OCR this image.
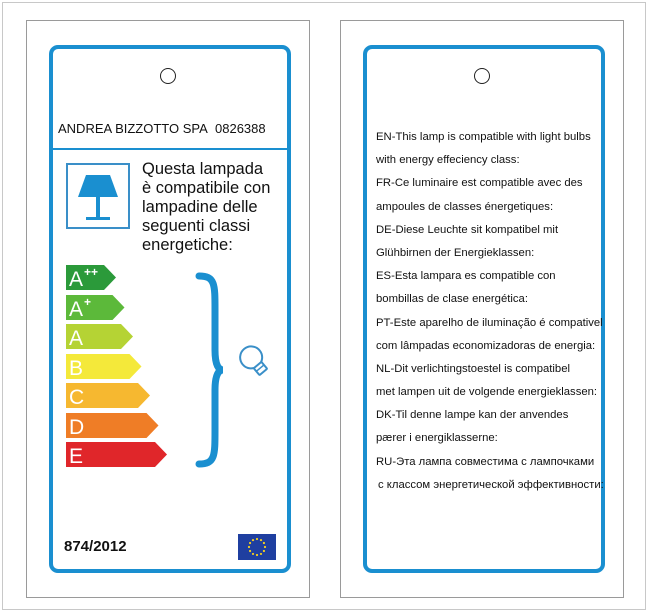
ANDREA BIZZOTTO SPA 0826388
Questa lampada
è compatibile con
lampadine delle
seguenti classi
energetiche:
A ++
A +
A
B
C
D
E
874/2012
EN-This lamp is compatible with light bulbs
with energy effeciency class:
FR-Ce luminaire est compatible avec des
ampoules de classes énergetiques:
DE-Diese Leuchte sit kompatibel mit
Glühbirnen der Energieklassen:
ES-Esta lampara es compatible con
bombillas de clase energética:
PT-Este aparelho de iluminação é compativel
com lâmpadas economizadoras de energia:
NL-Dit verlichtingstoestel is compatibel
met lampen uit de volgende energieklassen:
DK-Til denne lampe kan der anvendes
pærer i energiklasserne:
RU-Эта лампа совместима с лампочками
с классом энергетической эффективности:
